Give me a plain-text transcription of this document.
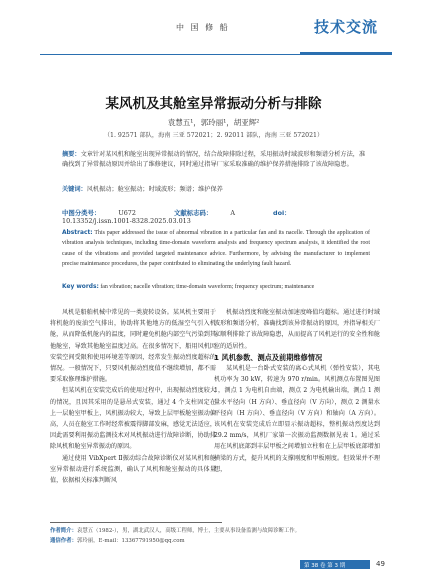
中 国 修 船	技术交流
某风机及其舱室异常振动分析与排除
袁慧五¹，郭玲丽¹，胡亚辉²
（1. 92571 部队，海南 三亚 572021；2. 92011 部队，海南 三亚 572021）
摘要：文章针对某风机和舱室出现异常振动的情况，结合故障排除过程，采用振动时域波形和频谱分析方法，准确找到了异常振动原因并给出了维修建议，同时通过指导厂家采取准确的维护保养措施排除了该故障隐患。
关键词：风机振动；舱室振动；时域波形；频谱；维护保养
中图分类号：	U672	文献标志码：	A	doi：10.13352/j.issn.1001-8328.2025.03.013
Abstract: This paper addressed the issue of abnormal vibration in a particular fan and its nacelle. Through the application of vibration analysis techniques, including time-domain waveform analysis and frequency spectrum analysis, it identified the root cause of the vibrations and provided targeted maintenance advice. Furthermore, by advising the manufacturer to implement precise maintenance procedures, the paper contributed to eliminating the underlying fault hazard.
Key words: fan vibration; nacelle vibration; time-domain waveform; frequency spectrum; maintenance

风机是船舶机械中常见的一类旋转设备。某风机主要用于将机舱的废油空气排出，协助将其他地方的低湿空气引入机舱，从而降低机舱内的温度，同时避免机舱内部空气污染到其他舱室，导致其他舱室温度过高。在很多情况下，船用风机因安装空间受限和使用环境差等原因，经常发生振动烈度超标的情况。一般情况下，只要风机振动烈度值不继续增加，都不需要采取修理维护措施。

但某风机在安装完成后的使用过程中，出现振动烈度较大的情况，且因其采用的是悬吊式安装，通过 4 个支柱固定在上一层舱室甲板上，风机振动较大，导致上层甲板舱室振动偏高，人员在舱室工作时经常被震得脚部发麻，感觉无法适应，因此需要利用振动监测技术对风机振动进行故障诊断，协助排除风机和舱室异常振动的原因。

通过使用 VibXpert Ⅱ振动综合故障诊断仪对某风机和舱室异常振动进行系统监测，确认了风机和舱室振动的具体量值，依据相关标准判断风

机振动烈度和舱室振动加速度峰值均超标。通过进行时域波形和频谱分析，准确找到该异常振动的原因，并指导相关厂家顺利排除了该故障隐患，从而提高了风机运行的安全性和舱室的适居性。

1 风机参数、测点及前期维修情况

某风机是一台卧式安装的离心式风机（弹性安装），其电机功率为 30 kW，转速为 970 r/min。风机测点布置图见图 1，测点 1 为电机自由端，测点 2 为电机输出端，测点 1 测量水平径向（H 方向）、垂直径向（V 方向），测点 2 测量水平径向（H 方向）、垂直径向（V 方向）和轴向（A 方向）。该风机在安装完成后立即显示振动超标，整机振动烈度达到 29.2 mm/s，风机厂家第一次振动监测数据见表 1。通过采用在风机底部到丰层甲板之间增加立柱和在上层甲板底部增加横梁的方式，提升风机的支撑刚度和甲板刚度。但效果并不理想，

作者简介：袁慧五（1982-），男，湖北武汉人，高级工程师，博士，主要从事设备监测与故障诊断工作。
通信作者：郭玲丽，E-mail：13367791950@qq.com
第 38 卷 第 3 期	49
